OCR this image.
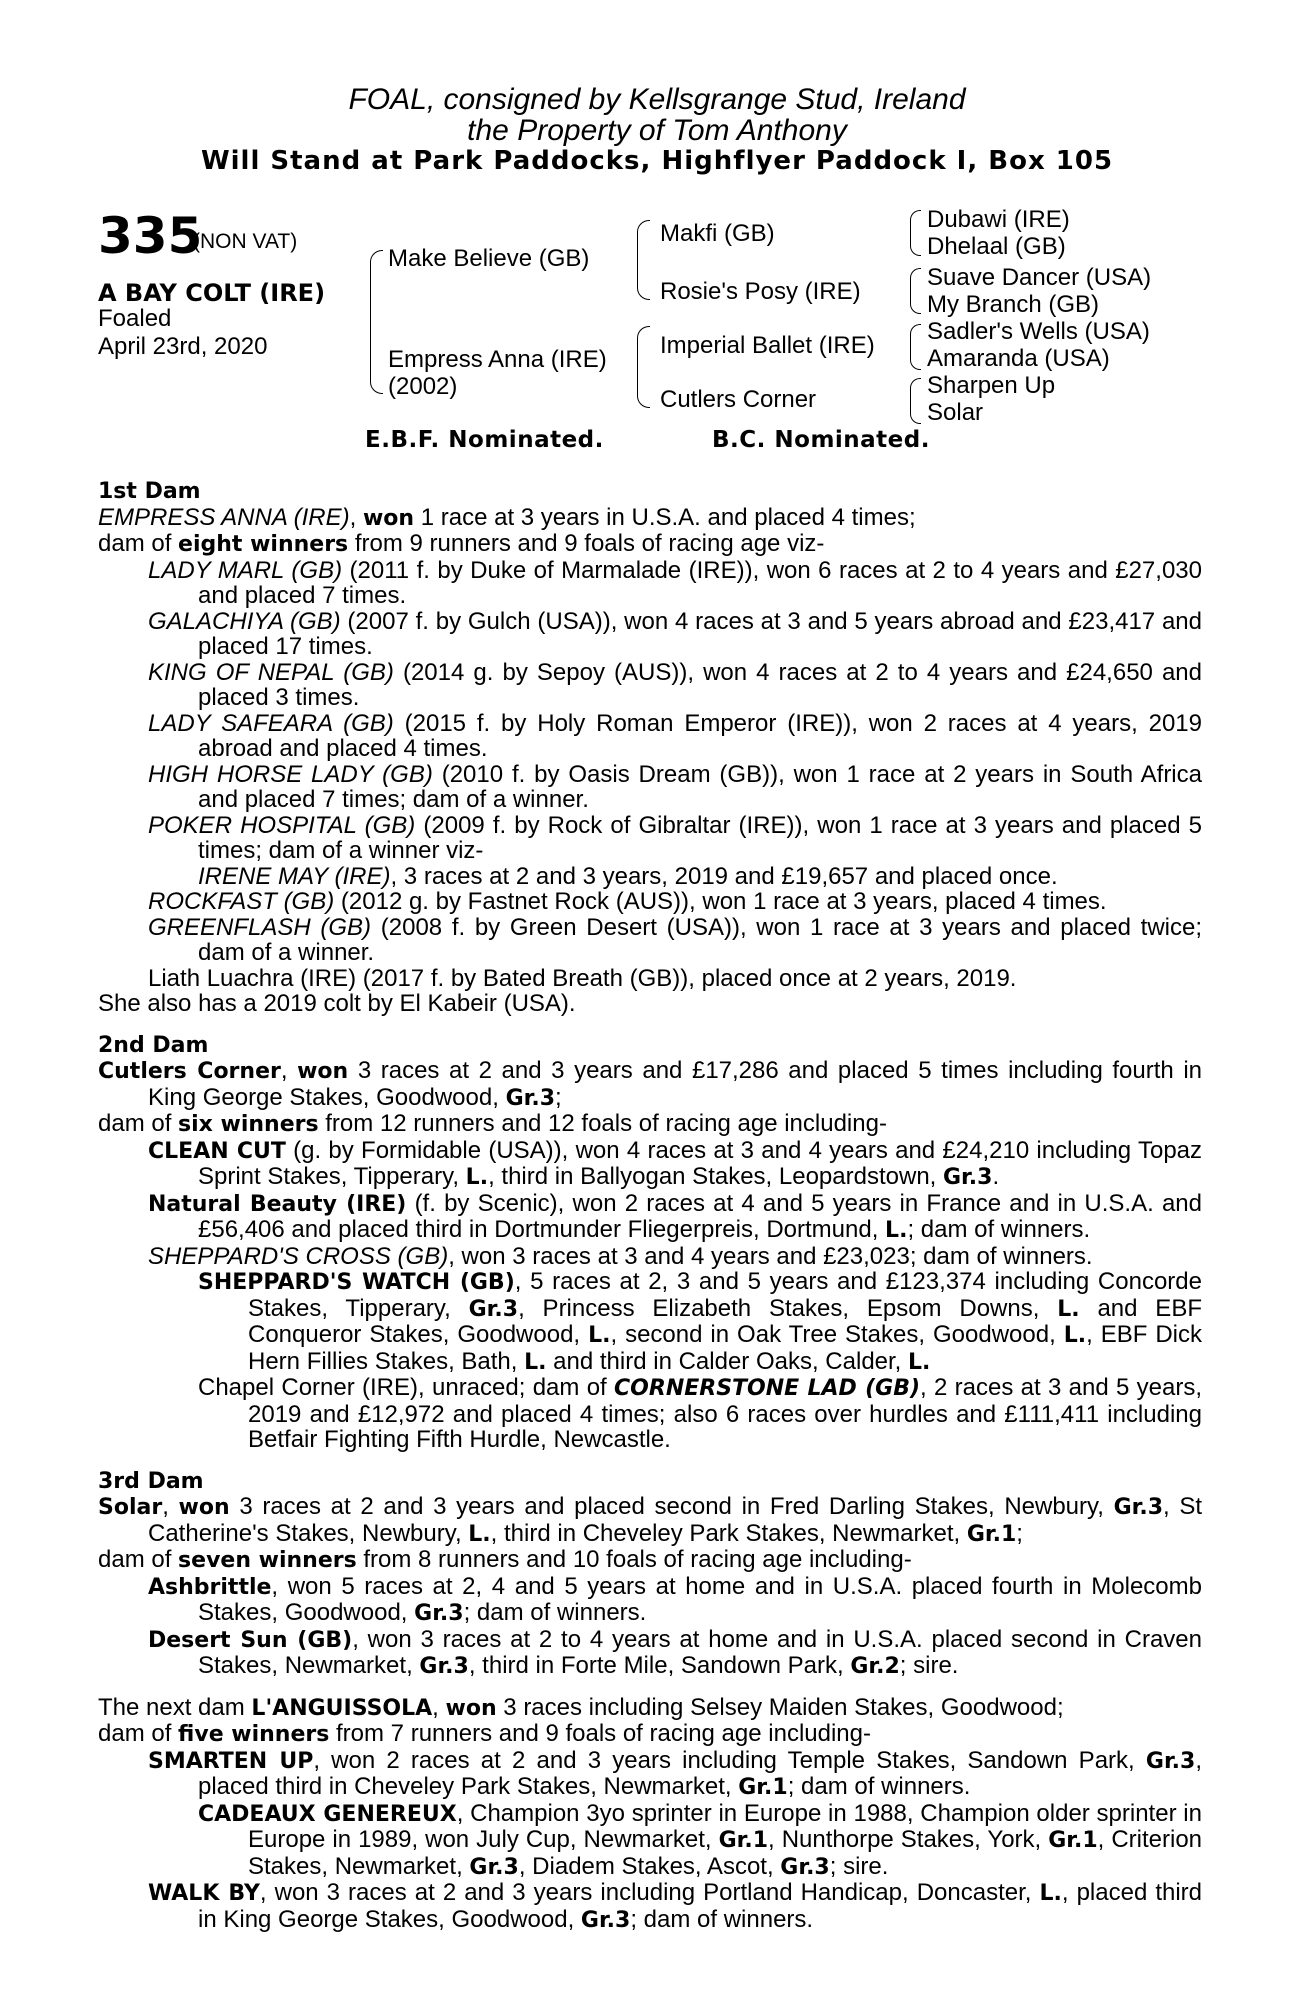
FOAL, consigned by Kellsgrange Stud, Ireland
the Property of Tom Anthony
Will Stand at Park Paddocks, Highflyer Paddock I, Box 105
335
(NON VAT)
A BAY COLT (IRE)
Foaled
April 23rd, 2020
Make Believe (GB)
Empress Anna (IRE)
(2002)
Makfi (GB)
Rosie's Posy (IRE)
Imperial Ballet (IRE)
Cutlers Corner
Dubawi (IRE)
Dhelaal (GB)
Suave Dancer (USA)
My Branch (GB)
Sadler's Wells (USA)
Amaranda (USA)
Sharpen Up
Solar
E.B.F. Nominated.	B.C. Nominated.

1st Dam

EMPRESS ANNA (IRE), won 1 race at 3 years in U.S.A. and placed 4 times;

dam of eight winners from 9 runners and 9 foals of racing age viz-

LADY MARL (GB) (2011 f. by Duke of Marmalade (IRE)), won 6 races at 2 to 4 years and £27,030 and placed 7 times.

GALACHIYA (GB) (2007 f. by Gulch (USA)), won 4 races at 3 and 5 years abroad and £23,417 and placed 17 times.

KING OF NEPAL (GB) (2014 g. by Sepoy (AUS)), won 4 races at 2 to 4 years and £24,650 and placed 3 times.

LADY SAFEARA (GB) (2015 f. by Holy Roman Emperor (IRE)), won 2 races at 4 years, 2019 abroad and placed 4 times.

HIGH HORSE LADY (GB) (2010 f. by Oasis Dream (GB)), won 1 race at 2 years in South Africa and placed 7 times; dam of a winner.

POKER HOSPITAL (GB) (2009 f. by Rock of Gibraltar (IRE)), won 1 race at 3 years and placed 5 times; dam of a winner viz-

IRENE MAY (IRE), 3 races at 2 and 3 years, 2019 and £19,657 and placed once.

ROCKFAST (GB) (2012 g. by Fastnet Rock (AUS)), won 1 race at 3 years, placed 4 times.

GREENFLASH (GB) (2008 f. by Green Desert (USA)), won 1 race at 3 years and placed twice; dam of a winner.

Liath Luachra (IRE) (2017 f. by Bated Breath (GB)), placed once at 2 years, 2019.

She also has a 2019 colt by El Kabeir (USA).

2nd Dam

Cutlers Corner, won 3 races at 2 and 3 years and £17,286 and placed 5 times including fourth in King George Stakes, Goodwood, Gr.3;

dam of six winners from 12 runners and 12 foals of racing age including-

CLEAN CUT (g. by Formidable (USA)), won 4 races at 3 and 4 years and £24,210 including Topaz Sprint Stakes, Tipperary, L., third in Ballyogan Stakes, Leopardstown, Gr.3.

Natural Beauty (IRE) (f. by Scenic), won 2 races at 4 and 5 years in France and in U.S.A. and £56,406 and placed third in Dortmunder Fliegerpreis, Dortmund, L.; dam of winners.

SHEPPARD'S CROSS (GB), won 3 races at 3 and 4 years and £23,023; dam of winners.

SHEPPARD'S WATCH (GB), 5 races at 2, 3 and 5 years and £123,374 including Concorde Stakes, Tipperary, Gr.3, Princess Elizabeth Stakes, Epsom Downs, L. and EBF Conqueror Stakes, Goodwood, L., second in Oak Tree Stakes, Goodwood, L., EBF Dick Hern Fillies Stakes, Bath, L. and third in Calder Oaks, Calder, L.

Chapel Corner (IRE), unraced; dam of CORNERSTONE LAD (GB), 2 races at 3 and 5 years, 2019 and £12,972 and placed 4 times; also 6 races over hurdles and £111,411 including Betfair Fighting Fifth Hurdle, Newcastle.

3rd Dam

Solar, won 3 races at 2 and 3 years and placed second in Fred Darling Stakes, Newbury, Gr.3, St Catherine's Stakes, Newbury, L., third in Cheveley Park Stakes, Newmarket, Gr.1;

dam of seven winners from 8 runners and 10 foals of racing age including-

Ashbrittle, won 5 races at 2, 4 and 5 years at home and in U.S.A. placed fourth in Molecomb Stakes, Goodwood, Gr.3; dam of winners.

Desert Sun (GB), won 3 races at 2 to 4 years at home and in U.S.A. placed second in Craven Stakes, Newmarket, Gr.3, third in Forte Mile, Sandown Park, Gr.2; sire.

The next dam L'ANGUISSOLA, won 3 races including Selsey Maiden Stakes, Goodwood;

dam of five winners from 7 runners and 9 foals of racing age including-

SMARTEN UP, won 2 races at 2 and 3 years including Temple Stakes, Sandown Park, Gr.3, placed third in Cheveley Park Stakes, Newmarket, Gr.1; dam of winners.

CADEAUX GENEREUX, Champion 3yo sprinter in Europe in 1988, Champion older sprinter in Europe in 1989, won July Cup, Newmarket, Gr.1, Nunthorpe Stakes, York, Gr.1, Criterion Stakes, Newmarket, Gr.3, Diadem Stakes, Ascot, Gr.3; sire.

WALK BY, won 3 races at 2 and 3 years including Portland Handicap, Doncaster, L., placed third in King George Stakes, Goodwood, Gr.3; dam of winners.
